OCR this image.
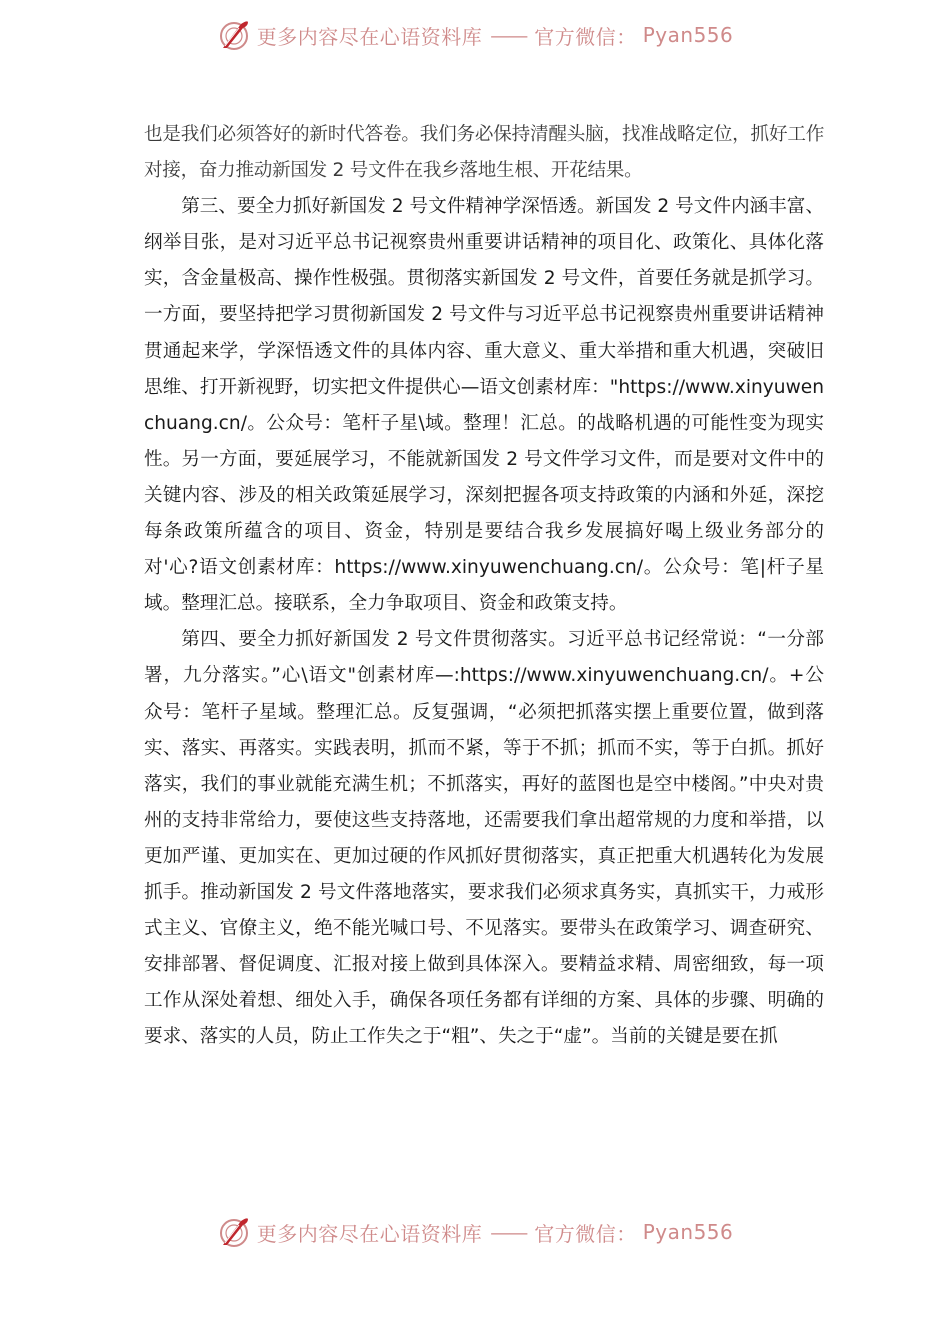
更多内容尽在心语资料库 —— 官方微信： Pyan556

也是我们必须答好的新时代答卷。我们务必保持清醒头脑，找准战略定位，抓好工作对接，奋力推动新国发 2 号文件在我乡落地生根、开花结果。

第三、要全力抓好新国发 2 号文件精神学深悟透。新国发 2 号文件内涵丰富、纲举目张，是对习近平总书记视察贵州重要讲话精神的项目化、政策化、具体化落实，含金量极高、操作性极强。贯彻落实新国发 2 号文件，首要任务就是抓学习。一方面，要坚持把学习贯彻新国发 2 号文件与习近平总书记视察贵州重要讲话精神贯通起来学，学深悟透文件的具体内容、重大意义、重大举措和重大机遇，突破旧思维、打开新视野，切实把文件提供心—语文创素材库："https://www.xinyuwenchuang.cn/。公众号：笔杆子星\域。整理！汇总。的战略机遇的可能性变为现实性。另一方面，要延展学习，不能就新国发 2 号文件学习文件，而是要对文件中的关键内容、涉及的相关政策延展学习，深刻把握各项支持政策的内涵和外延，深挖每条政策所蕴含的项目、资金，特别是要结合我乡发展搞好喝上级业务部分的对'心?语文创素材库：https://www.xinyuwenchuang.cn/。公众号：笔|杆子星域。整理汇总。接联系，全力争取项目、资金和政策支持。

第四、要全力抓好新国发 2 号文件贯彻落实。习近平总书记经常说：“一分部署，九分落实。”心\语文"创素材库—:https://www.xinyuwenchuang.cn/。+公众号：笔杆子星域。整理汇总。反复强调，“必须把抓落实摆上重要位置，做到落实、落实、再落实。实践表明，抓而不紧，等于不抓；抓而不实，等于白抓。抓好落实，我们的事业就能充满生机；不抓落实，再好的蓝图也是空中楼阁。”中央对贵州的支持非常给力，要使这些支持落地，还需要我们拿出超常规的力度和举措，以更加严谨、更加实在、更加过硬的作风抓好贯彻落实，真正把重大机遇转化为发展抓手。推动新国发 2 号文件落地落实，要求我们必须求真务实，真抓实干，力戒形式主义、官僚主义，绝不能光喊口号、不见落实。要带头在政策学习、调查研究、安排部署、督促调度、汇报对接上做到具体深入。要精益求精、周密细致，每一项工作从深处着想、细处入手，确保各项任务都有详细的方案、具体的步骤、明确的要求、落实的人员，防止工作失之于“粗”、失之于“虚”。当前的关键是要在抓

更多内容尽在心语资料库 —— 官方微信： Pyan556
